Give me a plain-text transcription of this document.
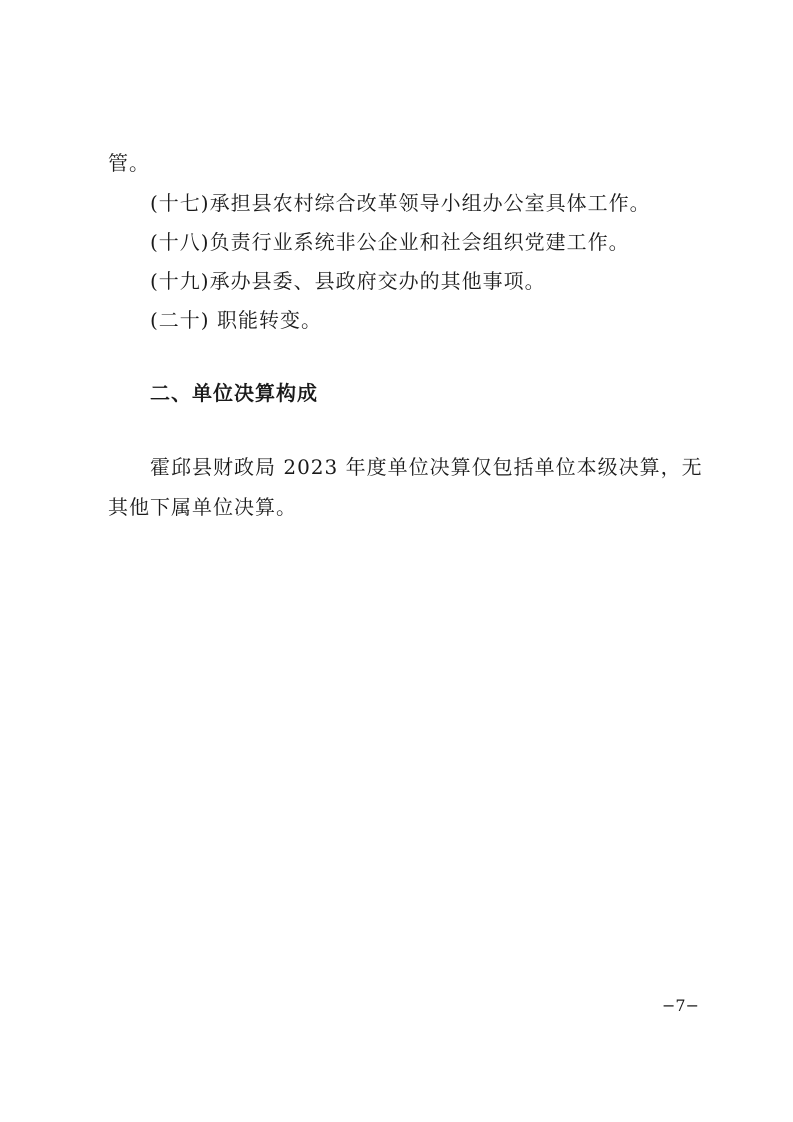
管。
(十七)承担县农村综合改革领导小组办公室具体工作。
(十八)负责行业系统非公企业和社会组织党建工作。
(十九)承办县委、县政府交办的其他事项。
(二十) 职能转变。
二、单位决算构成
霍邱县财政局 2023 年度单位决算仅包括单位本级决算，无
其他下属单位决算。
−7−
